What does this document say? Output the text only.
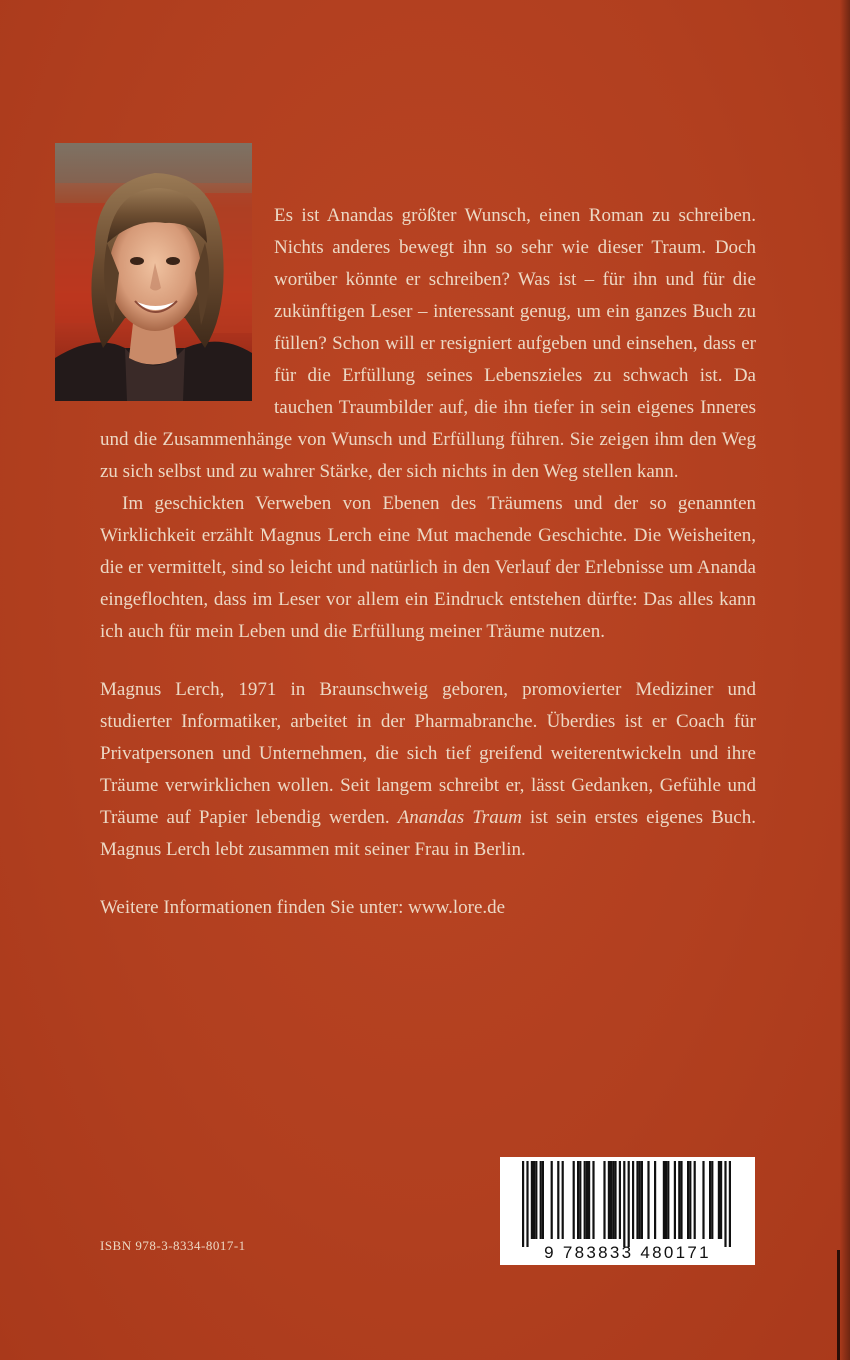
Es ist Anandas größter Wunsch, einen Roman zu schreiben. Nichts anderes bewegt ihn so sehr wie dieser Traum. Doch worüber könnte er schreiben? Was ist – für ihn und für die zukünftigen Leser – interessant genug, um ein ganzes Buch zu füllen? Schon will er resigniert aufgeben und einsehen, dass er für die Erfüllung seines Lebenszieles zu schwach ist. Da tauchen Traumbilder auf, die ihn tiefer in sein eigenes Inneres und die Zusammenhänge von Wunsch und Erfüllung führen. Sie zeigen ihm den Weg zu sich selbst und zu wahrer Stärke, der sich nichts in den Weg stellen kann.

Im geschickten Verweben von Ebenen des Träumens und der so genannten Wirklichkeit erzählt Magnus Lerch eine Mut machende Geschichte. Die Weisheiten, die er vermittelt, sind so leicht und natürlich in den Verlauf der Erlebnisse um Ananda eingeflochten, dass im Leser vor allem ein Eindruck entstehen dürfte: Das alles kann ich auch für mein Leben und die Erfüllung meiner Träume nutzen.

Magnus Lerch, 1971 in Braunschweig geboren, promovierter Mediziner und studierter Informatiker, arbeitet in der Pharmabranche. Überdies ist er Coach für Privatpersonen und Unternehmen, die sich tief greifend weiterentwickeln und ihre Träume verwirklichen wollen. Seit langem schreibt er, lässt Gedanken, Gefühle und Träume auf Papier lebendig werden. Anandas Traum ist sein erstes eigenes Buch. Magnus Lerch lebt zusammen mit seiner Frau in Berlin.

Weitere Informationen finden Sie unter: www.lore.de

ISBN 978-3-8334-8017-1	9 783833 480171
